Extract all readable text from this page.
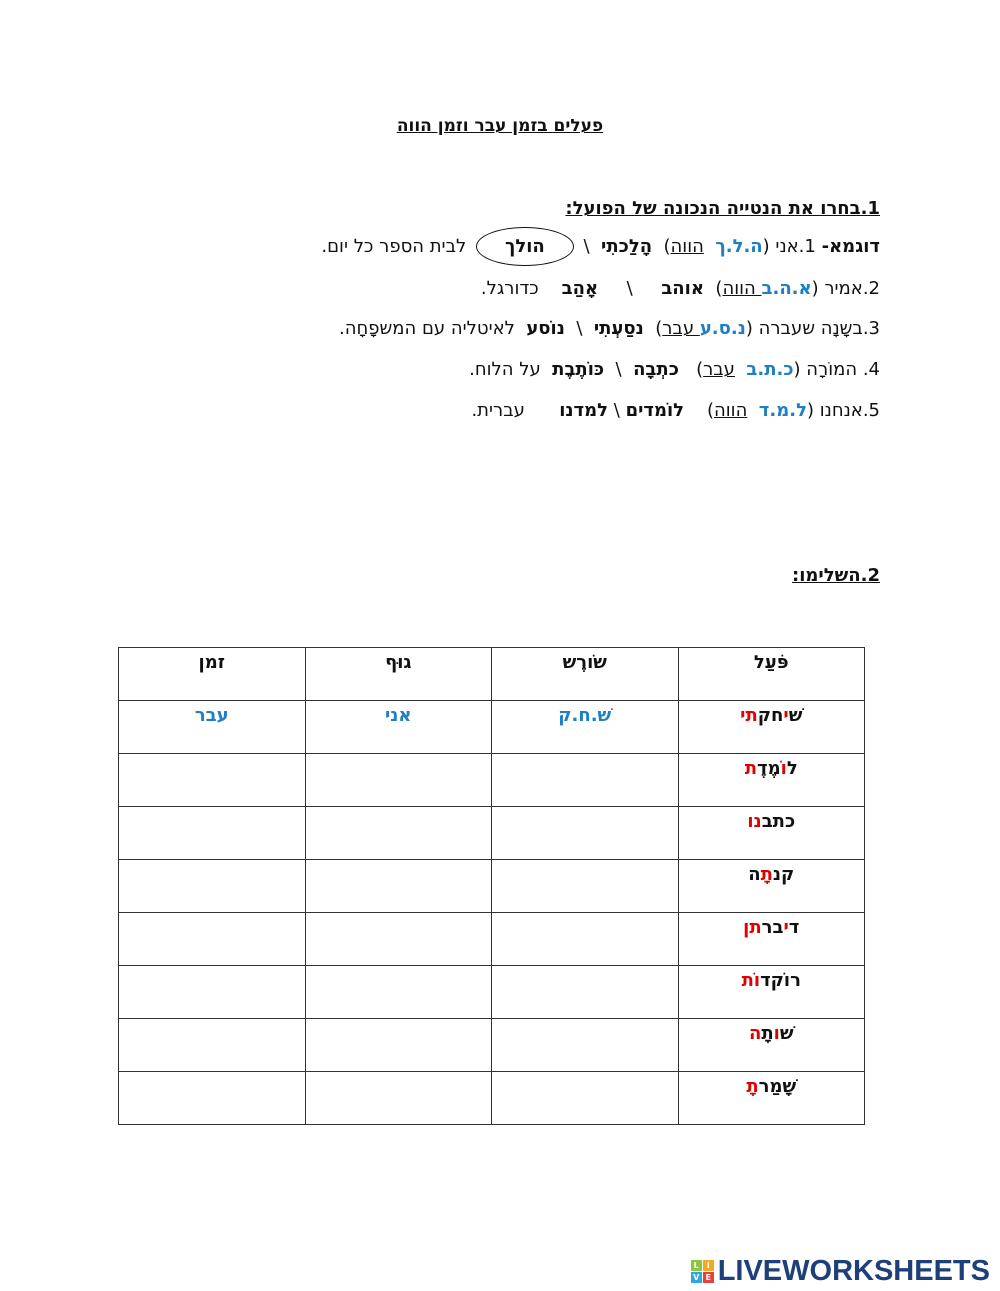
פעלים בזמן עבר וזמן הווה
1.בחרו את הנטייה הנכונה של הפועל:
דוגמא- 1.אני (ה.ל.ך  הווה)  הָלַכתִי  \ הולך לבית הספר כל יום.
2.אמיר (א.ה.ב הווה)  אוהב     \     אָהַב    כדורגל.
3.בשָנָה שעברה (נ.ס.ע עבר)  נסַעְתִי  \  נוֹסע  לאיטליה עם המשפָחָה.
4. המוֹרָה (כ.ת.ב  עבר)   כתְבָה  \  כּוֹתֶבֶת  על הלוח.
5.אנחנו (ל.מ.ד  הווה)    לוֹמדים \ למדנו      עברית.
2.השלימו:
פֹּעַל	שֹורֶש	גוּף	זמן
שׁיחקתי	שׁ.ח.ק	אני	עבר
לוֹמֶדֶת			
כתבנו			
קנתָה			
דיברתן			
רוֹקדוֹת			
שׁותָה			
שָׁמַרתָ			
L I
V E LIVEWORKSHEETS
